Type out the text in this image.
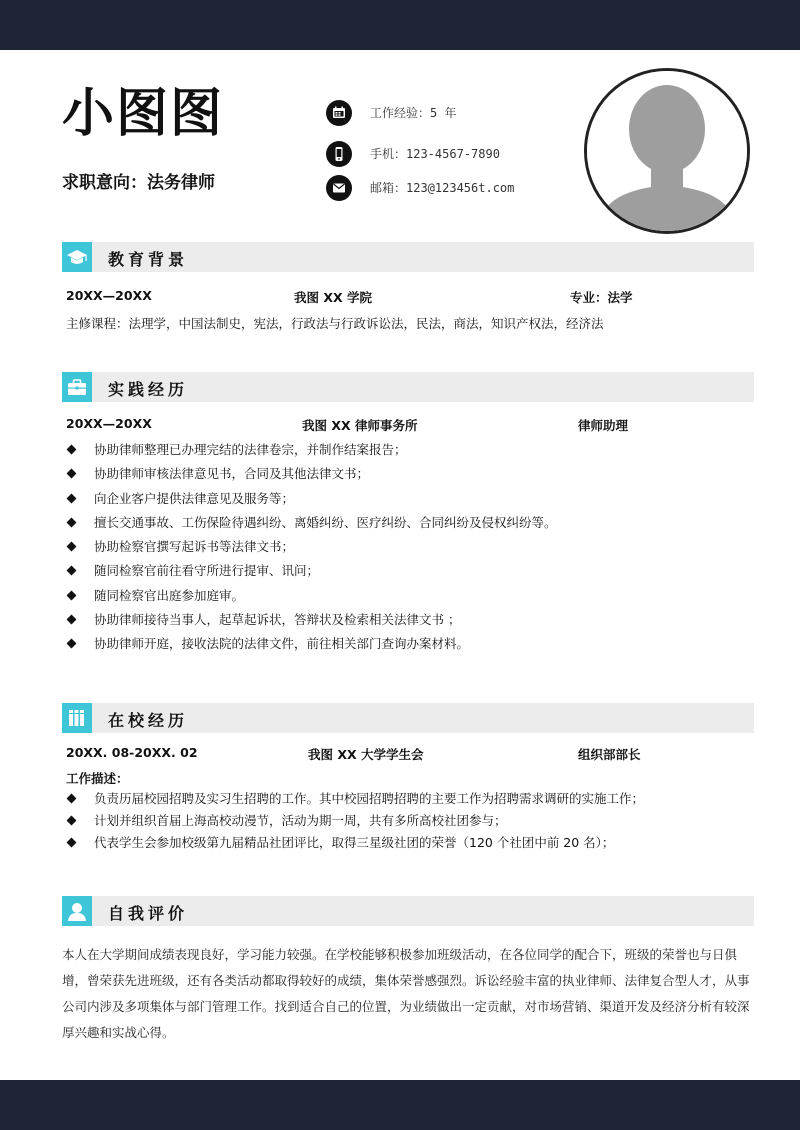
小图图
求职意向：法务律师
工作经验：5 年
手机：123-4567-7890
邮箱：123@123456t.com
教育背景
20XX—20XX	我图 XX 学院	专业：法学
主修课程：法理学，中国法制史，宪法，行政法与行政诉讼法，民法，商法，知识产权法，经济法
实践经历
20XX—20XX	我图 XX 律师事务所	律师助理
协助律师整理已办理完结的法律卷宗，并制作结案报告；
协助律师审核法律意见书，合同及其他法律文书；
向企业客户提供法律意见及服务等；
擅长交通事故、工伤保险待遇纠纷、离婚纠纷、医疗纠纷、合同纠纷及侵权纠纷等。
协助检察官撰写起诉书等法律文书；
随同检察官前往看守所进行提审、讯问；
随同检察官出庭参加庭审。
协助律师接待当事人，起草起诉状，答辩状及检索相关法律文书 ；
协助律师开庭，接收法院的法律文件，前往相关部门查询办案材料。
在校经历
20XX. 08-20XX. 02	我图 XX 大学学生会	组织部部长
工作描述：
负责历届校园招聘及实习生招聘的工作。其中校园招聘招聘的主要工作为招聘需求调研的实施工作；
计划并组织首届上海高校动漫节，活动为期一周，共有多所高校社团参与；
代表学生会参加校级第九届精品社团评比，取得三星级社团的荣誉（120 个社团中前 20 名）；
自我评价
本人在大学期间成绩表现良好，学习能力较强。在学校能够积极参加班级活动，在各位同学的配合下，班级的荣誉也与日俱增，曾荣获先进班级，还有各类活动都取得较好的成绩，集体荣誉感强烈。诉讼经验丰富的执业律师、法律复合型人才，从事公司内涉及多项集体与部门管理工作。找到适合自己的位置，为业绩做出一定贡献，对市场营销、渠道开发及经济分析有较深厚兴趣和实战心得。
